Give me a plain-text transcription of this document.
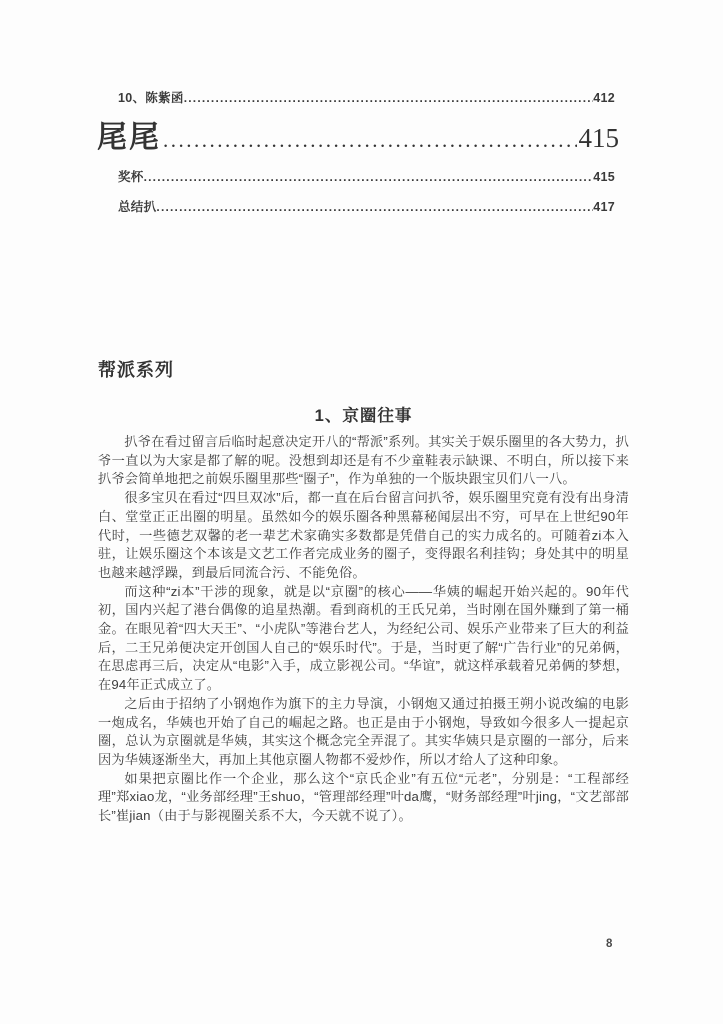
10、陈紫函 .....	412
尾尾 .....	415
奖杯 .....	415
总结扒 .....	417
帮派系列
1、京圈往事

扒爷在看过留言后临时起意决定开八的“帮派”系列。其实关于娱乐圈里的各大势力，扒爷一直以为大家是都了解的呢。没想到却还是有不少童鞋表示缺课、不明白，所以接下来扒爷会简单地把之前娱乐圈里那些“圈子”，作为单独的一个版块跟宝贝们八一八。

很多宝贝在看过“四旦双冰”后，都一直在后台留言问扒爷，娱乐圈里究竟有没有出身清白、堂堂正正出圈的明星。虽然如今的娱乐圈各种黑幕秘闻层出不穷，可早在上世纪90年代时，一些德艺双馨的老一辈艺术家确实多数都是凭借自己的实力成名的。可随着zi本入驻，让娱乐圈这个本该是文艺工作者完成业务的圈子，变得跟名利挂钩；身处其中的明星也越来越浮躁，到最后同流合污、不能免俗。

而这种“zi本”干涉的现象，就是以“京圈”的核心——华姨的崛起开始兴起的。90年代初，国内兴起了港台偶像的追星热潮。看到商机的王氏兄弟，当时刚在国外赚到了第一桶金。在眼见着“四大天王”、“小虎队”等港台艺人，为经纪公司、娱乐产业带来了巨大的利益后，二王兄弟便决定开创国人自己的“娱乐时代”。于是，当时更了解“广告行业”的兄弟俩，在思虑再三后，决定从“电影”入手，成立影视公司。“华谊”，就这样承载着兄弟俩的梦想，在94年正式成立了。

之后由于招纳了小钢炮作为旗下的主力导演，小钢炮又通过拍摄王朔小说改编的电影一炮成名，华姨也开始了自己的崛起之路。也正是由于小钢炮，导致如今很多人一提起京圈，总认为京圈就是华姨，其实这个概念完全弄混了。其实华姨只是京圈的一部分，后来因为华姨逐渐坐大，再加上其他京圈人物都不爱炒作，所以才给人了这种印象。

如果把京圈比作一个企业，那么这个“京氏企业”有五位“元老”，分别是：“工程部经理”郑xiao龙，“业务部经理”王shuo，“管理部经理”叶da鹰，“财务部经理”叶jing，“文艺部部长”崔jian（由于与影视圈关系不大，今天就不说了）。

8
